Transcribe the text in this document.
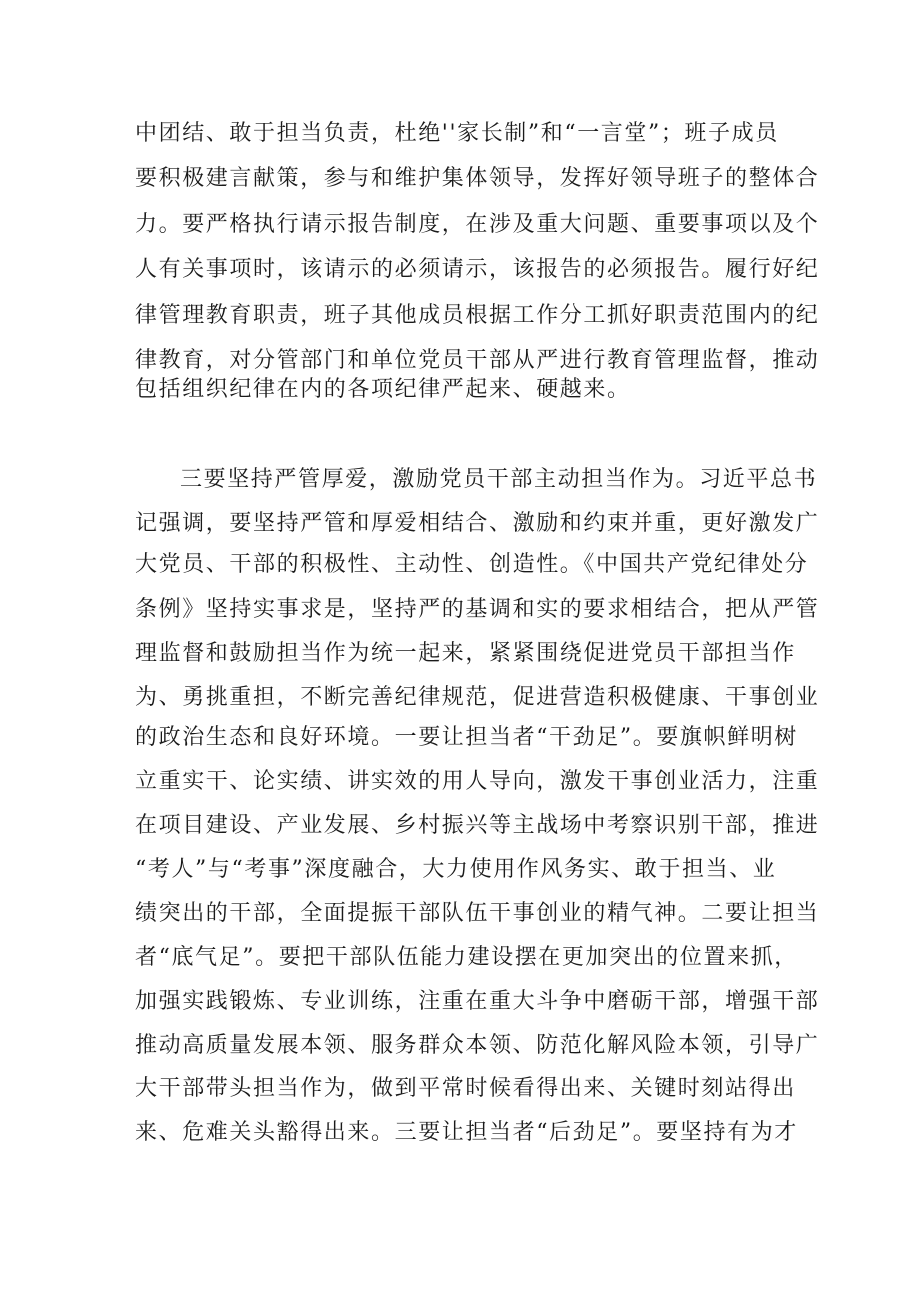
中团结、敢于担当负责，杜绝''家长制”和“一言堂”；班子成员

要积极建言献策，参与和维护集体领导，发挥好领导班子的整体合

力。要严格执行请示报告制度，在涉及重大问题、重要事项以及个

人有关事项时，该请示的必须请示，该报告的必须报告。履行好纪

律管理教育职责，班子其他成员根据工作分工抓好职责范围内的纪

律教育，对分管部门和单位党员干部从严进行教育管理监督，推动

包括组织纪律在内的各项纪律严起来、硬越来。

三要坚持严管厚爱，激励党员干部主动担当作为。习近平总书

记强调，要坚持严管和厚爱相结合、激励和约束并重，更好激发广

大党员、干部的积极性、主动性、创造性。《中国共产党纪律处分

条例》坚持实事求是，坚持严的基调和实的要求相结合，把从严管

理监督和鼓励担当作为统一起来，紧紧围绕促进党员干部担当作

为、勇挑重担，不断完善纪律规范，促进营造积极健康、干事创业

的政治生态和良好环境。一要让担当者“干劲足”。要旗帜鲜明树

立重实干、论实绩、讲实效的用人导向，激发干事创业活力，注重

在项目建设、产业发展、乡村振兴等主战场中考察识别干部，推进

“考人”与“考事”深度融合，大力使用作风务实、敢于担当、业

绩突出的干部，全面提振干部队伍干事创业的精气神。二要让担当

者“底气足”。要把干部队伍能力建设摆在更加突出的位置来抓，

加强实践锻炼、专业训练，注重在重大斗争中磨砺干部，增强干部

推动高质量发展本领、服务群众本领、防范化解风险本领，引导广

大干部带头担当作为，做到平常时候看得出来、关键时刻站得出

来、危难关头豁得出来。三要让担当者“后劲足”。要坚持有为才
